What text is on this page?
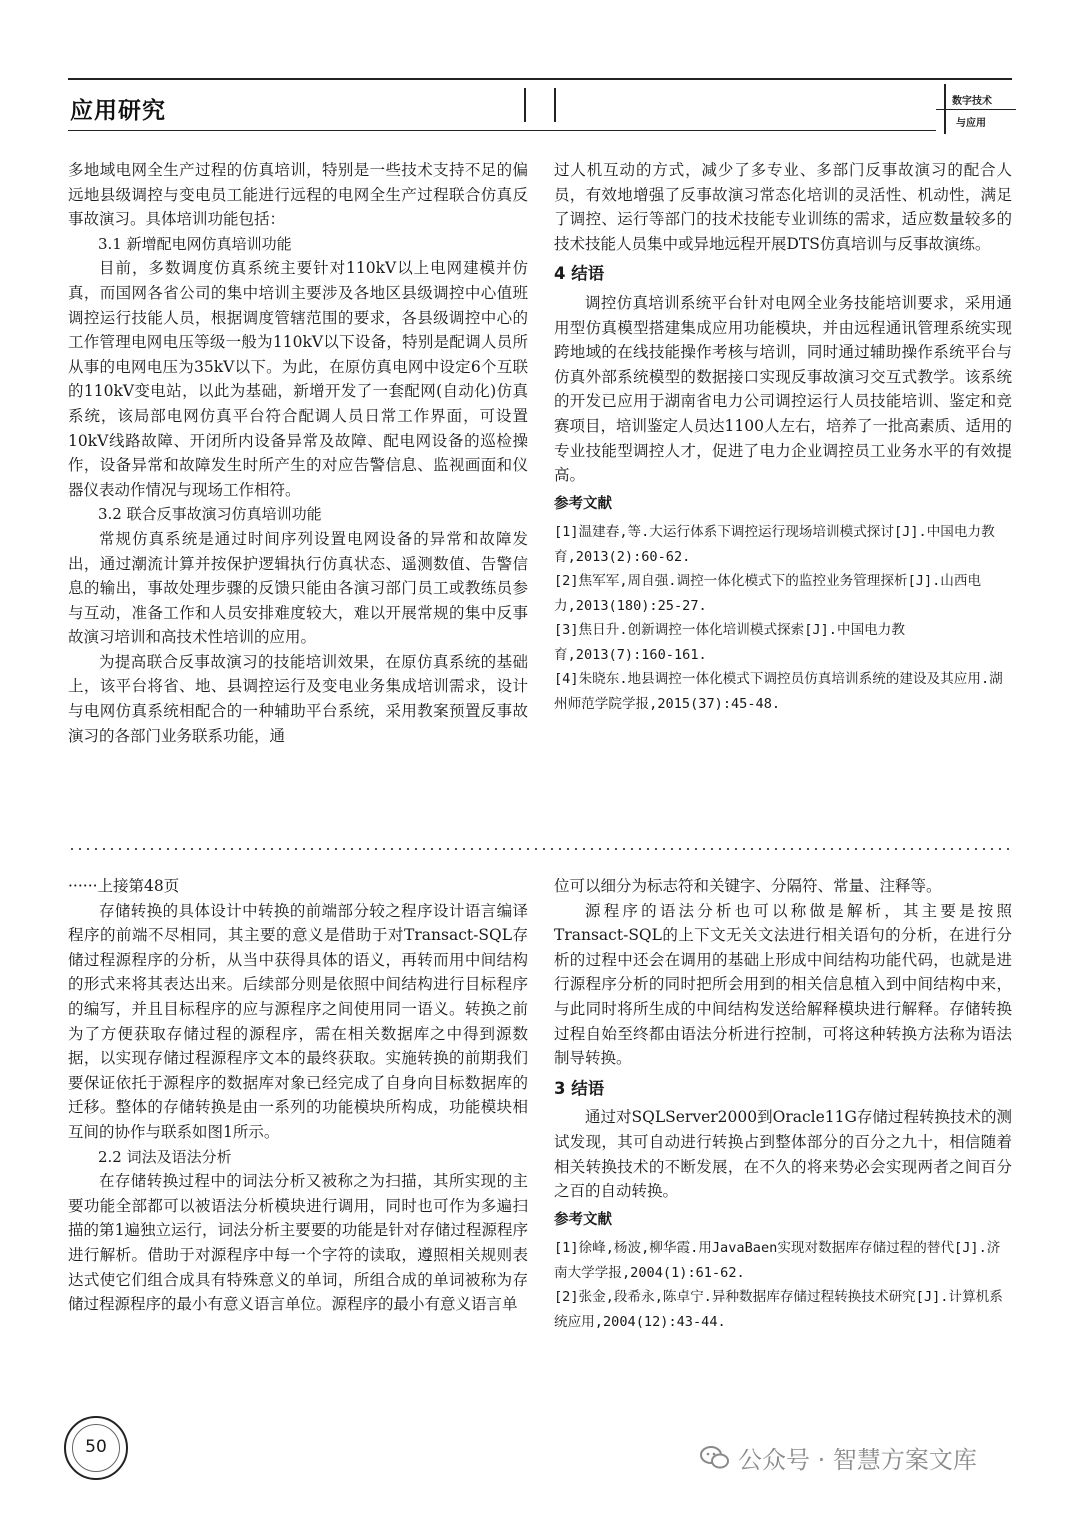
应用研究	数字技术
与应用

多地域电网全生产过程的仿真培训，特别是一些技术支持不足的偏远地县级调控与变电员工能进行远程的电网全生产过程联合仿真反事故演习。具体培训功能包括：

3.1 新增配电网仿真培训功能

目前，多数调度仿真系统主要针对110kV以上电网建模并仿真，而国网各省公司的集中培训主要涉及各地区县级调控中心值班调控运行技能人员，根据调度管辖范围的要求，各县级调控中心的工作管理电网电压等级一般为110kV以下设备，特别是配调人员所从事的电网电压为35kV以下。为此，在原仿真电网中设定6个互联的110kV变电站，以此为基础，新增开发了一套配网(自动化)仿真系统，该局部电网仿真平台符合配调人员日常工作界面，可设置10kV线路故障、开闭所内设备异常及故障、配电网设备的巡检操作，设备异常和故障发生时所产生的对应告警信息、监视画面和仪器仪表动作情况与现场工作相符。

3.2 联合反事故演习仿真培训功能

常规仿真系统是通过时间序列设置电网设备的异常和故障发出，通过潮流计算并按保护逻辑执行仿真状态、遥测数值、告警信息的输出，事故处理步骤的反馈只能由各演习部门员工或教练员参与互动，准备工作和人员安排难度较大，难以开展常规的集中反事故演习培训和高技术性培训的应用。

为提高联合反事故演习的技能培训效果，在原仿真系统的基础上，该平台将省、地、县调控运行及变电业务集成培训需求，设计与电网仿真系统相配合的一种辅助平台系统，采用教案预置反事故演习的各部门业务联系功能，通

过人机互动的方式，减少了多专业、多部门反事故演习的配合人员，有效地增强了反事故演习常态化培训的灵活性、机动性，满足了调控、运行等部门的技术技能专业训练的需求，适应数量较多的技术技能人员集中或异地远程开展DTS仿真培训与反事故演练。

4 结语

调控仿真培训系统平台针对电网全业务技能培训要求，采用通用型仿真模型搭建集成应用功能模块，并由远程通讯管理系统实现跨地域的在线技能操作考核与培训，同时通过辅助操作系统平台与仿真外部系统模型的数据接口实现反事故演习交互式教学。该系统的开发已应用于湖南省电力公司调控运行人员技能培训、鉴定和竞赛项目，培训鉴定人员达1100人左右，培养了一批高素质、适用的专业技能型调控人才，促进了电力企业调控员工业务水平的有效提高。

参考文献

[1]温建春,等.大运行体系下调控运行现场培训模式探讨[J].中国电力教育,2013(2):60-62.

[2]焦军军,周自强.调控一体化模式下的监控业务管理探析[J].山西电力,2013(180):25-27.

[3]焦日升.创新调控一体化培训模式探索[J].中国电力教育,2013(7):160-161.

[4]朱晓东.地县调控一体化模式下调控员仿真培训系统的建设及其应用.湖州师范学院学报,2015(37):45-48.

······上接第48页

存储转换的具体设计中转换的前端部分较之程序设计语言编译程序的前端不尽相同，其主要的意义是借助于对Transact-SQL存储过程源程序的分析，从当中获得具体的语义，再转而用中间结构的形式来将其表达出来。后续部分则是依照中间结构进行目标程序的编写，并且目标程序的应与源程序之间使用同一语义。转换之前为了方便获取存储过程的源程序，需在相关数据库之中得到源数据，以实现存储过程源程序文本的最终获取。实施转换的前期我们要保证依托于源程序的数据库对象已经完成了自身向目标数据库的迁移。整体的存储转换是由一系列的功能模块所构成，功能模块相互间的协作与联系如图1所示。

2.2 词法及语法分析

在存储转换过程中的词法分析又被称之为扫描，其所实现的主要功能全部都可以被语法分析模块进行调用，同时也可作为多遍扫描的第1遍独立运行，词法分析主要要的功能是针对存储过程源程序进行解析。借助于对源程序中每一个字符的读取，遵照相关规则表达式使它们组合成具有特殊意义的单词，所组合成的单词被称为存储过程源程序的最小有意义语言单位。源程序的最小有意义语言单

位可以细分为标志符和关键字、分隔符、常量、注释等。

源程序的语法分析也可以称做是解析，其主要是按照Transact-SQL的上下文无关文法进行相关语句的分析，在进行分析的过程中还会在调用的基础上形成中间结构功能代码，也就是进行源程序分析的同时把所会用到的相关信息植入到中间结构中来，与此同时将所生成的中间结构发送给解释模块进行解释。存储转换过程自始至终都由语法分析进行控制，可将这种转换方法称为语法制导转换。

3 结语

通过对SQLServer2000到Oracle11G存储过程转换技术的测试发现，其可自动进行转换占到整体部分的百分之九十，相信随着相关转换技术的不断发展，在不久的将来势必会实现两者之间百分之百的自动转换。

参考文献

[1]徐峰,杨波,柳华霞.用JavaBaen实现对数据库存储过程的替代[J].济南大学学报,2004(1):61-62.

[2]张金,段希永,陈卓宁.异种数据库存储过程转换技术研究[J].计算机系统应用,2004(12):43-44.

50	公众号 · 智慧方案文库
